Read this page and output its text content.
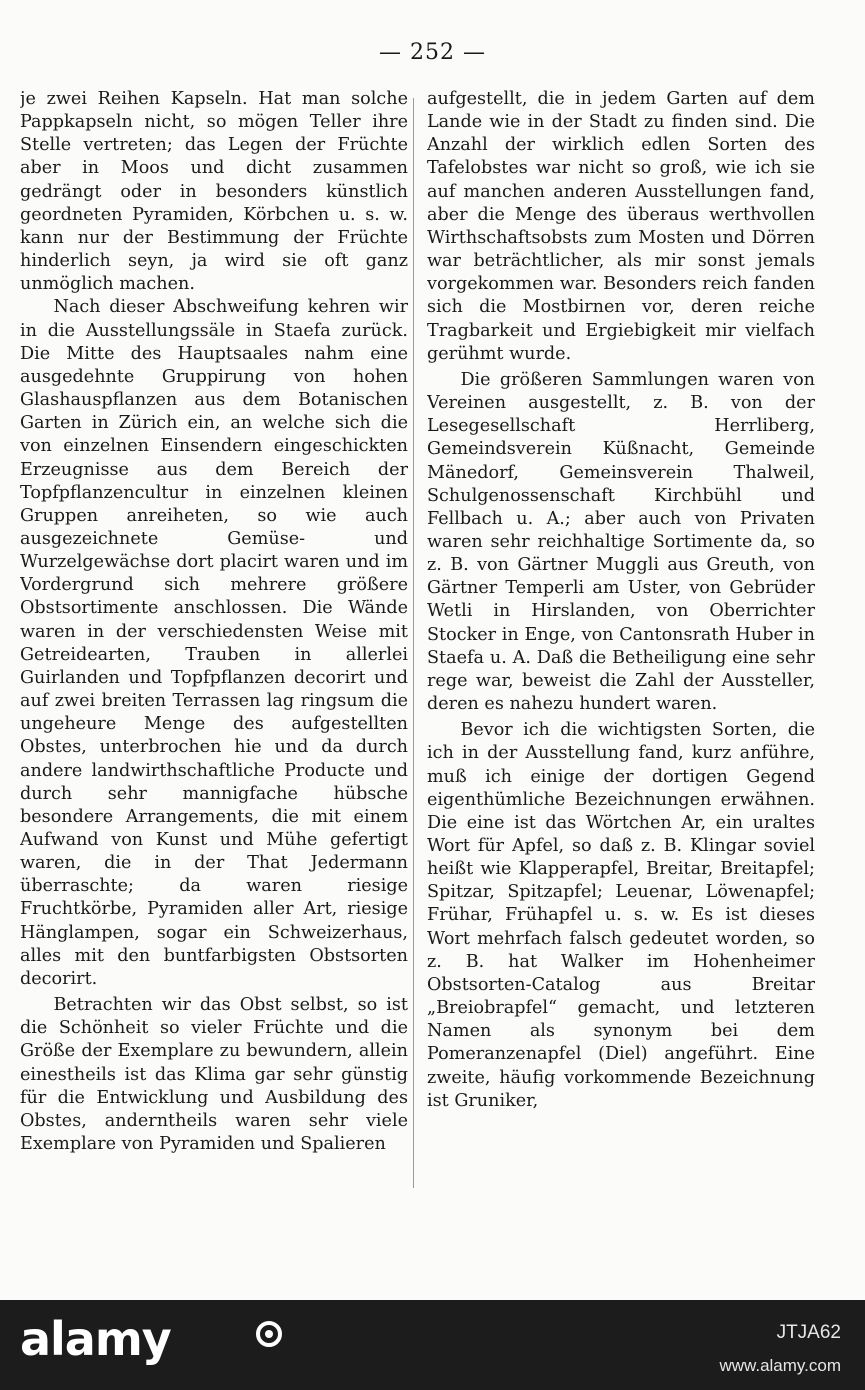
— 252 —

je zwei Reihen Kapseln. Hat man solche Pappkapseln nicht, so mögen Teller ihre Stelle vertreten; das Legen der Früchte aber in Moos und dicht zusammen gedrängt oder in besonders künstlich geordneten Pyramiden, Körbchen u. s. w. kann nur der Bestimmung der Früchte hinderlich seyn, ja wird sie oft ganz unmöglich machen.

Nach dieser Abschweifung kehren wir in die Ausstellungssäle in Staefa zurück. Die Mitte des Hauptsaales nahm eine ausgedehnte Gruppirung von hohen Glashauspflanzen aus dem Botanischen Garten in Zürich ein, an welche sich die von einzelnen Einsendern eingeschickten Erzeugnisse aus dem Bereich der Topfpflanzencultur in einzelnen kleinen Gruppen anreiheten, so wie auch ausgezeichnete Gemüse- und Wurzelgewächse dort placirt waren und im Vordergrund sich mehrere größere Obstsortimente anschlossen. Die Wände waren in der verschiedensten Weise mit Getreidearten, Trauben in allerlei Guirlanden und Topfpflanzen decorirt und auf zwei breiten Terrassen lag ringsum die ungeheure Menge des aufgestellten Obstes, unterbrochen hie und da durch andere landwirthschaftliche Producte und durch sehr mannigfache hübsche besondere Arrangements, die mit einem Aufwand von Kunst und Mühe gefertigt waren, die in der That Jedermann überraschte; da waren riesige Fruchtkörbe, Pyramiden aller Art, riesige Hänglampen, sogar ein Schweizerhaus, alles mit den buntfarbigsten Obstsorten decorirt.

Betrachten wir das Obst selbst, so ist die Schönheit so vieler Früchte und die Größe der Exemplare zu bewundern, allein einestheils ist das Klima gar sehr günstig für die Entwicklung und Ausbildung des Obstes, anderntheils waren sehr viele Exemplare von Pyramiden und Spalieren

aufgestellt, die in jedem Garten auf dem Lande wie in der Stadt zu finden sind. Die Anzahl der wirklich edlen Sorten des Tafelobstes war nicht so groß, wie ich sie auf manchen anderen Ausstellungen fand, aber die Menge des überaus werthvollen Wirthschaftsobsts zum Mosten und Dörren war beträchtlicher, als mir sonst jemals vorgekommen war. Besonders reich fanden sich die Mostbirnen vor, deren reiche Tragbarkeit und Ergiebigkeit mir vielfach gerühmt wurde.

Die größeren Sammlungen waren von Vereinen ausgestellt, z. B. von der Lesegesellschaft Herrliberg, Gemeindsverein Küßnacht, Gemeinde Mänedorf, Gemeinsverein Thalweil, Schulgenossenschaft Kirchbühl und Fellbach u. A.; aber auch von Privaten waren sehr reichhaltige Sortimente da, so z. B. von Gärtner Muggli aus Greuth, von Gärtner Temperli am Uster, von Gebrüder Wetli in Hirslanden, von Oberrichter Stocker in Enge, von Cantonsrath Huber in Staefa u. A. Daß die Betheiligung eine sehr rege war, beweist die Zahl der Aussteller, deren es nahezu hundert waren.

Bevor ich die wichtigsten Sorten, die ich in der Ausstellung fand, kurz anführe, muß ich einige der dortigen Gegend eigenthümliche Bezeichnungen erwähnen. Die eine ist das Wörtchen Ar, ein uraltes Wort für Apfel, so daß z. B. Klingar soviel heißt wie Klapperapfel, Breitar, Breitapfel; Spitzar, Spitzapfel; Leuenar, Löwenapfel; Frühar, Frühapfel u. s. w. Es ist dieses Wort mehrfach falsch gedeutet worden, so z. B. hat Walker im Hohenheimer Obstsorten-Catalog aus Breitar „Breiobrapfel“ gemacht, und letzteren Namen als synonym bei dem Pomeranzenapfel (Diel) angeführt. Eine zweite, häufig vorkommende Bezeichnung ist Gruniker,

alamy	JTJA62
www.alamy.com
